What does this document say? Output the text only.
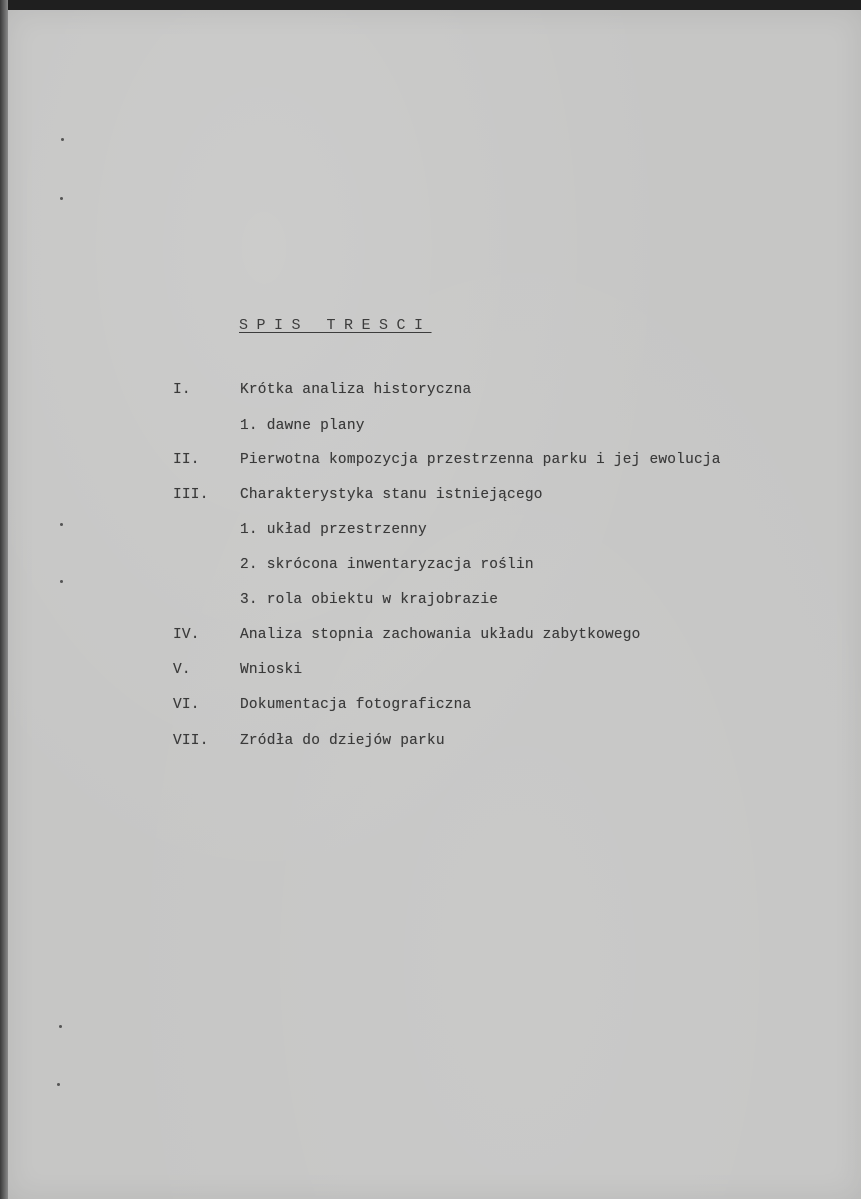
SPIS TRESCI
I.	Krótka analiza historyczna
1. dawne plany
II.	Pierwotna kompozycja przestrzenna parku i jej ewolucja
III. Charakterystyka stanu istniejącego
1. układ przestrzenny
2. skrócona inwentaryzacja roślin
3. rola obiektu w krajobrazie
IV.	Analiza stopnia zachowania układu zabytkowego
V.	Wnioski
VI.	Dokumentacja fotograficzna
VII. Zródła do dziejów parku
